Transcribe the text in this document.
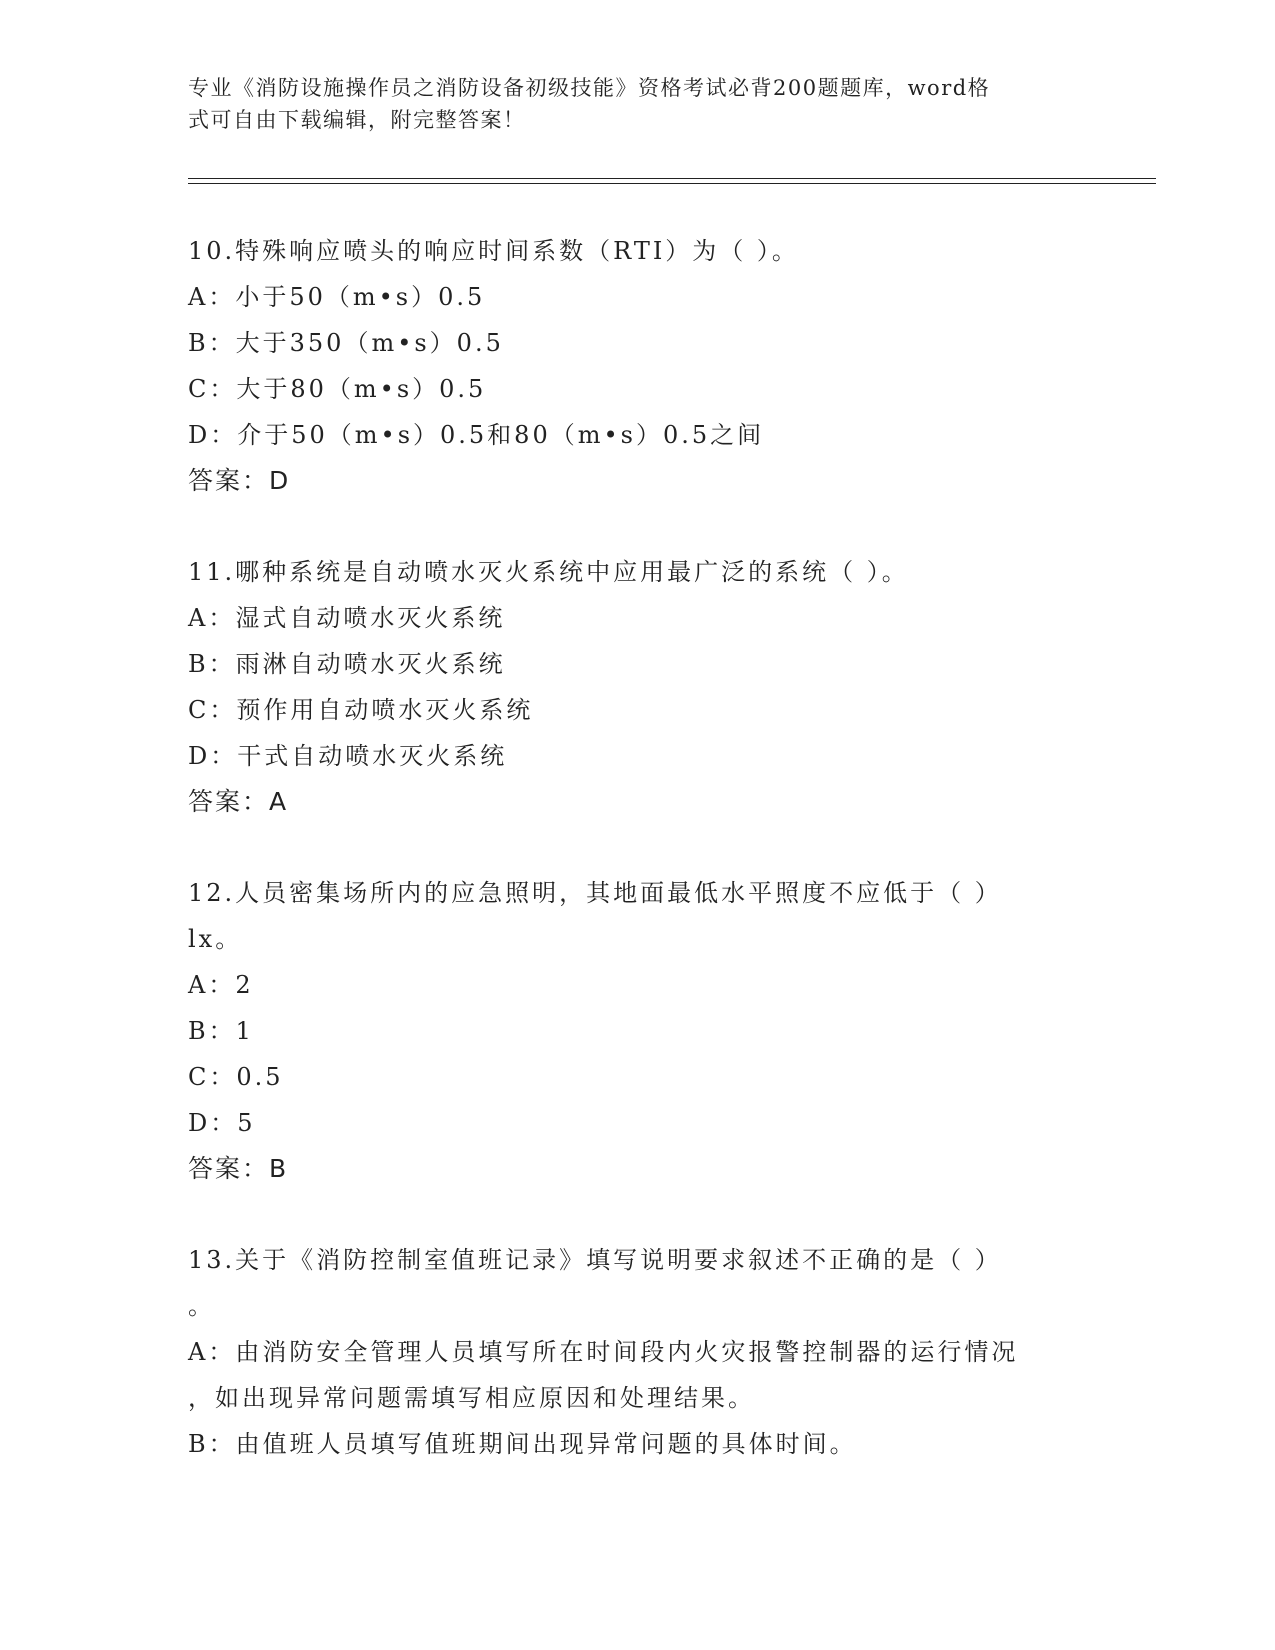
专业《消防设施操作员之消防设备初级技能》资格考试必背200题题库，word格
式可自由下载编辑，附完整答案！
10.特殊响应喷头的响应时间系数（RTI）为（ ）。
A：小于50（m•s）0.5
B：大于350（m•s）0.5
C：大于80（m•s）0.5
D：介于50（m•s）0.5和80（m•s）0.5之间
答案：D
11.哪种系统是自动喷水灭火系统中应用最广泛的系统（ ）。
A：湿式自动喷水灭火系统
B：雨淋自动喷水灭火系统
C：预作用自动喷水灭火系统
D：干式自动喷水灭火系统
答案：A
12.人员密集场所内的应急照明，其地面最低水平照度不应低于（ ）
lx。
A：2
B：1
C：0.5
D：5
答案：B
13.关于《消防控制室值班记录》填写说明要求叙述不正确的是（ ）
。
A：由消防安全管理人员填写所在时间段内火灾报警控制器的运行情况
，如出现异常问题需填写相应原因和处理结果。
B：由值班人员填写值班期间出现异常问题的具体时间。
